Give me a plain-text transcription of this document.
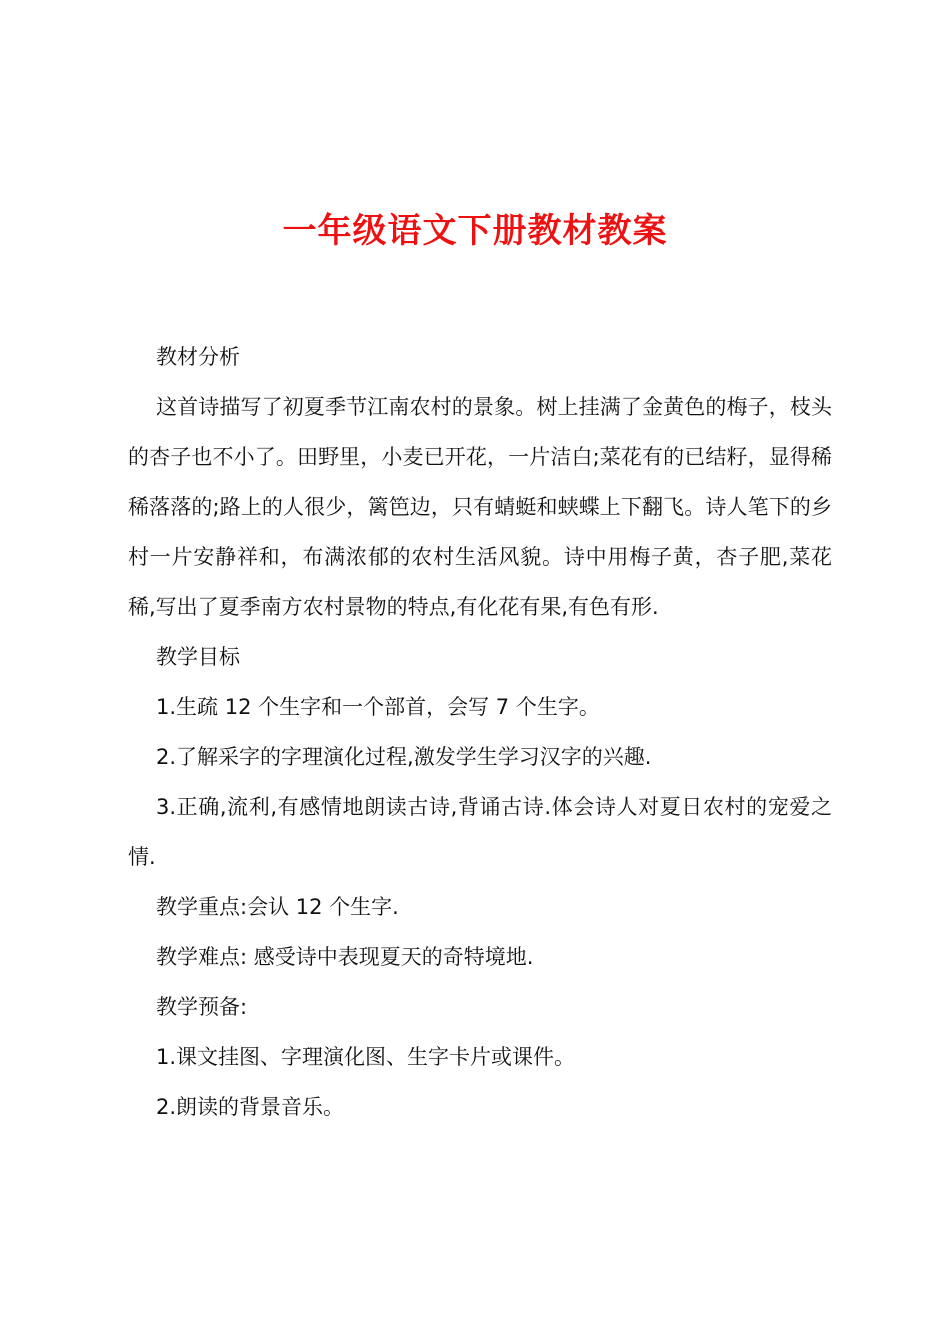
一年级语文下册教材教案

教材分析

这首诗描写了初夏季节江南农村的景象。树上挂满了金黄色的梅子，枝头的杏子也不小了。田野里，小麦已开花，一片洁白;菜花有的已结籽，显得稀稀落落的;路上的人很少，篱笆边，只有蜻蜓和蛱蝶上下翻飞。诗人笔下的乡村一片安静祥和，布满浓郁的农村生活风貌。诗中用梅子黄，杏子肥,菜花稀,写出了夏季南方农村景物的特点,有化花有果,有色有形.

教学目标

1.生疏 12 个生字和一个部首，会写 7 个生字。

2.了解采字的字理演化过程,激发学生学习汉字的兴趣.

3.正确,流利,有感情地朗读古诗,背诵古诗.体会诗人对夏日农村的宠爱之情.

教学重点:会认 12 个生字.

教学难点: 感受诗中表现夏天的奇特境地.

教学预备:

1.课文挂图、字理演化图、生字卡片或课件。

2.朗读的背景音乐。
